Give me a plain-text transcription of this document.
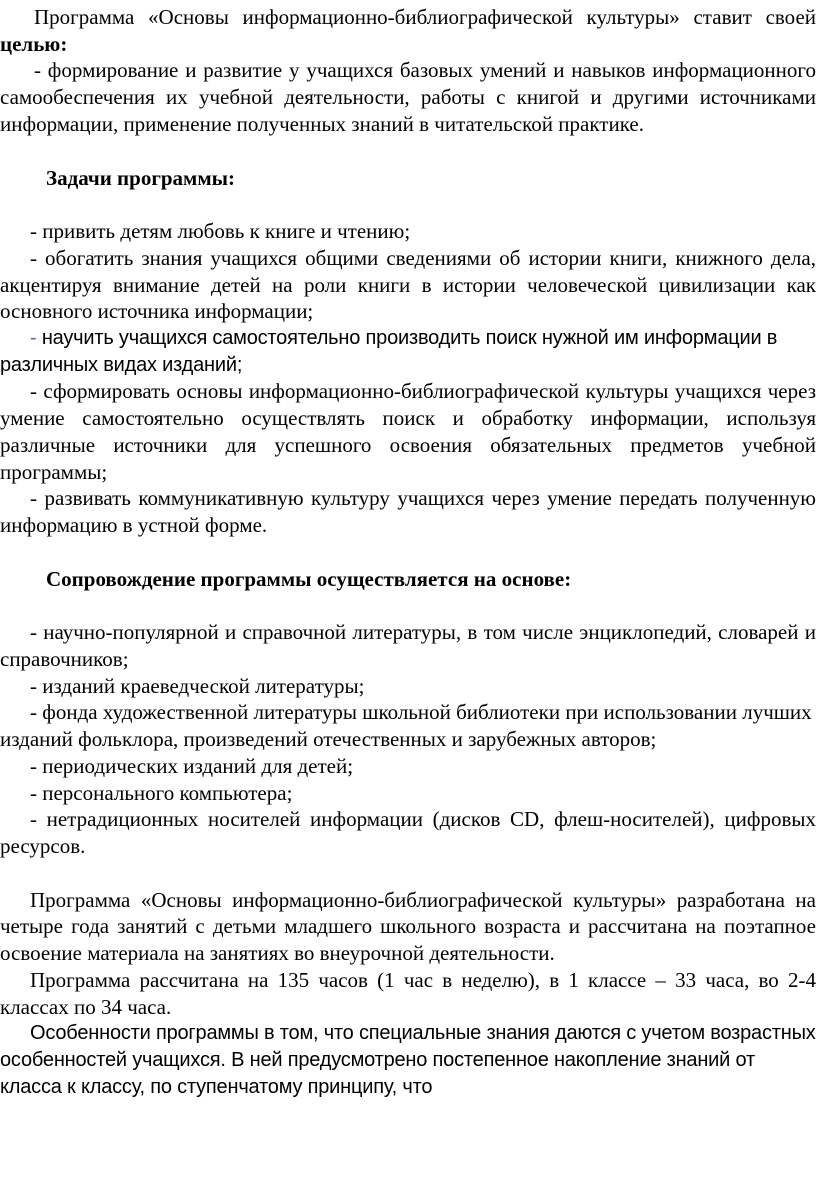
Программа «Основы информационно-библиографической культуры» ставит своей целью:

- формирование и развитие у учащихся базовых умений и навыков информационного самообеспечения их учебной деятельности, работы с книгой и другими источниками информации, применение полученных знаний в читательской практике.

Задачи программы:

- привить детям любовь к книге и чтению;

- обогатить знания учащихся общими сведениями об истории книги, книжного дела, акцентируя внимание детей на роли книги в истории человеческой цивилизации как основного источника информации;

- научить учащихся самостоятельно производить поиск нужной им информации в различных видах изданий;

- сформировать основы информационно-библиографической культуры учащихся через умение самостоятельно осуществлять поиск и обработку информации, используя различные источники для успешного освоения обязательных предметов учебной программы;

- развивать коммуникативную культуру учащихся через умение передать полученную информацию в устной форме.

Сопровождение программы осуществляется на основе:

- научно-популярной и справочной литературы, в том числе энциклопедий, словарей и справочников;

- изданий краеведческой литературы;

- фонда художественной литературы школьной библиотеки при использовании лучших изданий фольклора, произведений отечественных и зарубежных авторов;

- периодических изданий для детей;

- персонального компьютера;

- нетрадиционных носителей информации (дисков CD, флеш-носителей), цифровых ресурсов.

Программа «Основы информационно-библиографической культуры» разработана на четыре года занятий с детьми младшего школьного возраста и рассчитана на поэтапное освоение материала на занятиях во внеурочной деятельности.

Программа рассчитана на 135 часов (1 час в неделю), в 1 классе – 33 часа, во 2-4 классах по 34 часа.

Особенности программы в том, что специальные знания даются с учетом возрастных особенностей учащихся. В ней предусмотрено постепенное накопление знаний от класса к классу, по ступенчатому принципу, что
